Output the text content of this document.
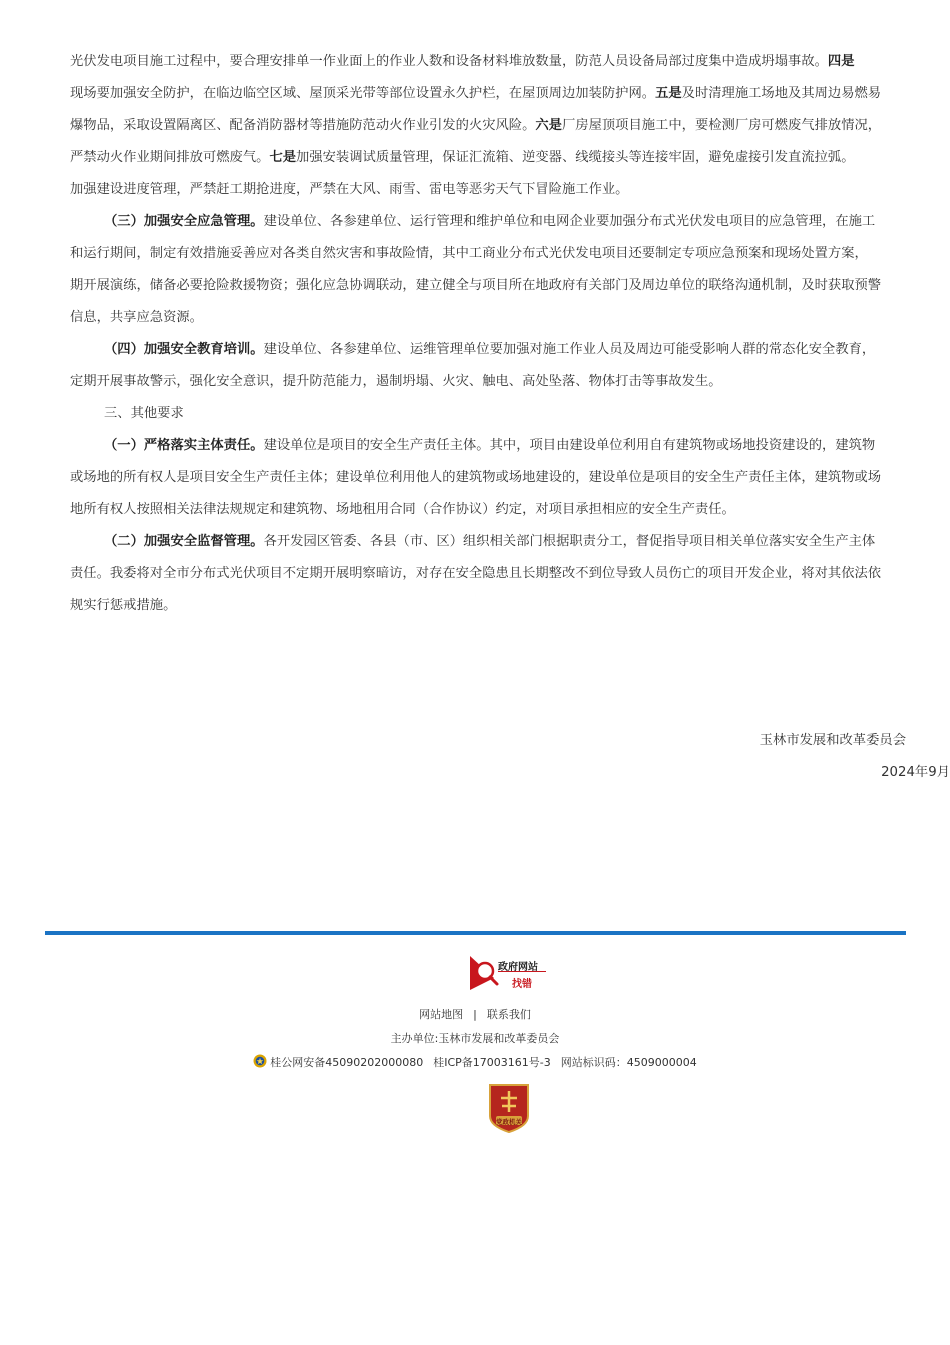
光伏发电项目施工过程中，要合理安排单一作业面上的作业人数和设备材料堆放数量，防范人员设备局部过度集中造成坍塌事故。四是
现场要加强安全防护，在临边临空区域、屋顶采光带等部位设置永久护栏，在屋顶周边加装防护网。五是及时清理施工场地及其周边易燃易
爆物品，采取设置隔离区、配备消防器材等措施防范动火作业引发的火灾风险。六是厂房屋顶项目施工中，要检测厂房可燃废气排放情况，
严禁动火作业期间排放可燃废气。七是加强安装调试质量管理，保证汇流箱、逆变器、线缆接头等连接牢固，避免虚接引发直流拉弧。
加强建设进度管理，严禁赶工期抢进度，严禁在大风、雨雪、雷电等恶劣天气下冒险施工作业。
（三）加强安全应急管理。建设单位、各参建单位、运行管理和维护单位和电网企业要加强分布式光伏发电项目的应急管理，在施工
和运行期间，制定有效措施妥善应对各类自然灾害和事故险情，其中工商业分布式光伏发电项目还要制定专项应急预案和现场处置方案，
期开展演练，储备必要抢险救援物资；强化应急协调联动，建立健全与项目所在地政府有关部门及周边单位的联络沟通机制，及时获取预警
信息，共享应急资源。
（四）加强安全教育培训。建设单位、各参建单位、运维管理单位要加强对施工作业人员及周边可能受影响人群的常态化安全教育，
定期开展事故警示，强化安全意识，提升防范能力，遏制坍塌、火灾、触电、高处坠落、物体打击等事故发生。
三、其他要求
（一）严格落实主体责任。建设单位是项目的安全生产责任主体。其中，项目由建设单位利用自有建筑物或场地投资建设的，建筑物
或场地的所有权人是项目安全生产责任主体；建设单位利用他人的建筑物或场地建设的，建设单位是项目的安全生产责任主体，建筑物或场
地所有权人按照相关法律法规规定和建筑物、场地租用合同（合作协议）约定，对项目承担相应的安全生产责任。
（二）加强安全监督管理。各开发园区管委、各县（市、区）组织相关部门根据职责分工，督促指导项目相关单位落实安全生产主体
责任。我委将对全市分布式光伏项目不定期开展明察暗访，对存在安全隐患且长期整改不到位导致人员伤亡的项目开发企业，将对其依法依
规实行惩戒措施。
玉林市发展和改革委员会
2024年9月
政府网站
找错
网站地图 | 联系我们
主办单位:玉林市发展和改革委员会
桂公网安备45090202000080 桂ICP备17003161号-3 网站标识码：4509000004
党政机关
